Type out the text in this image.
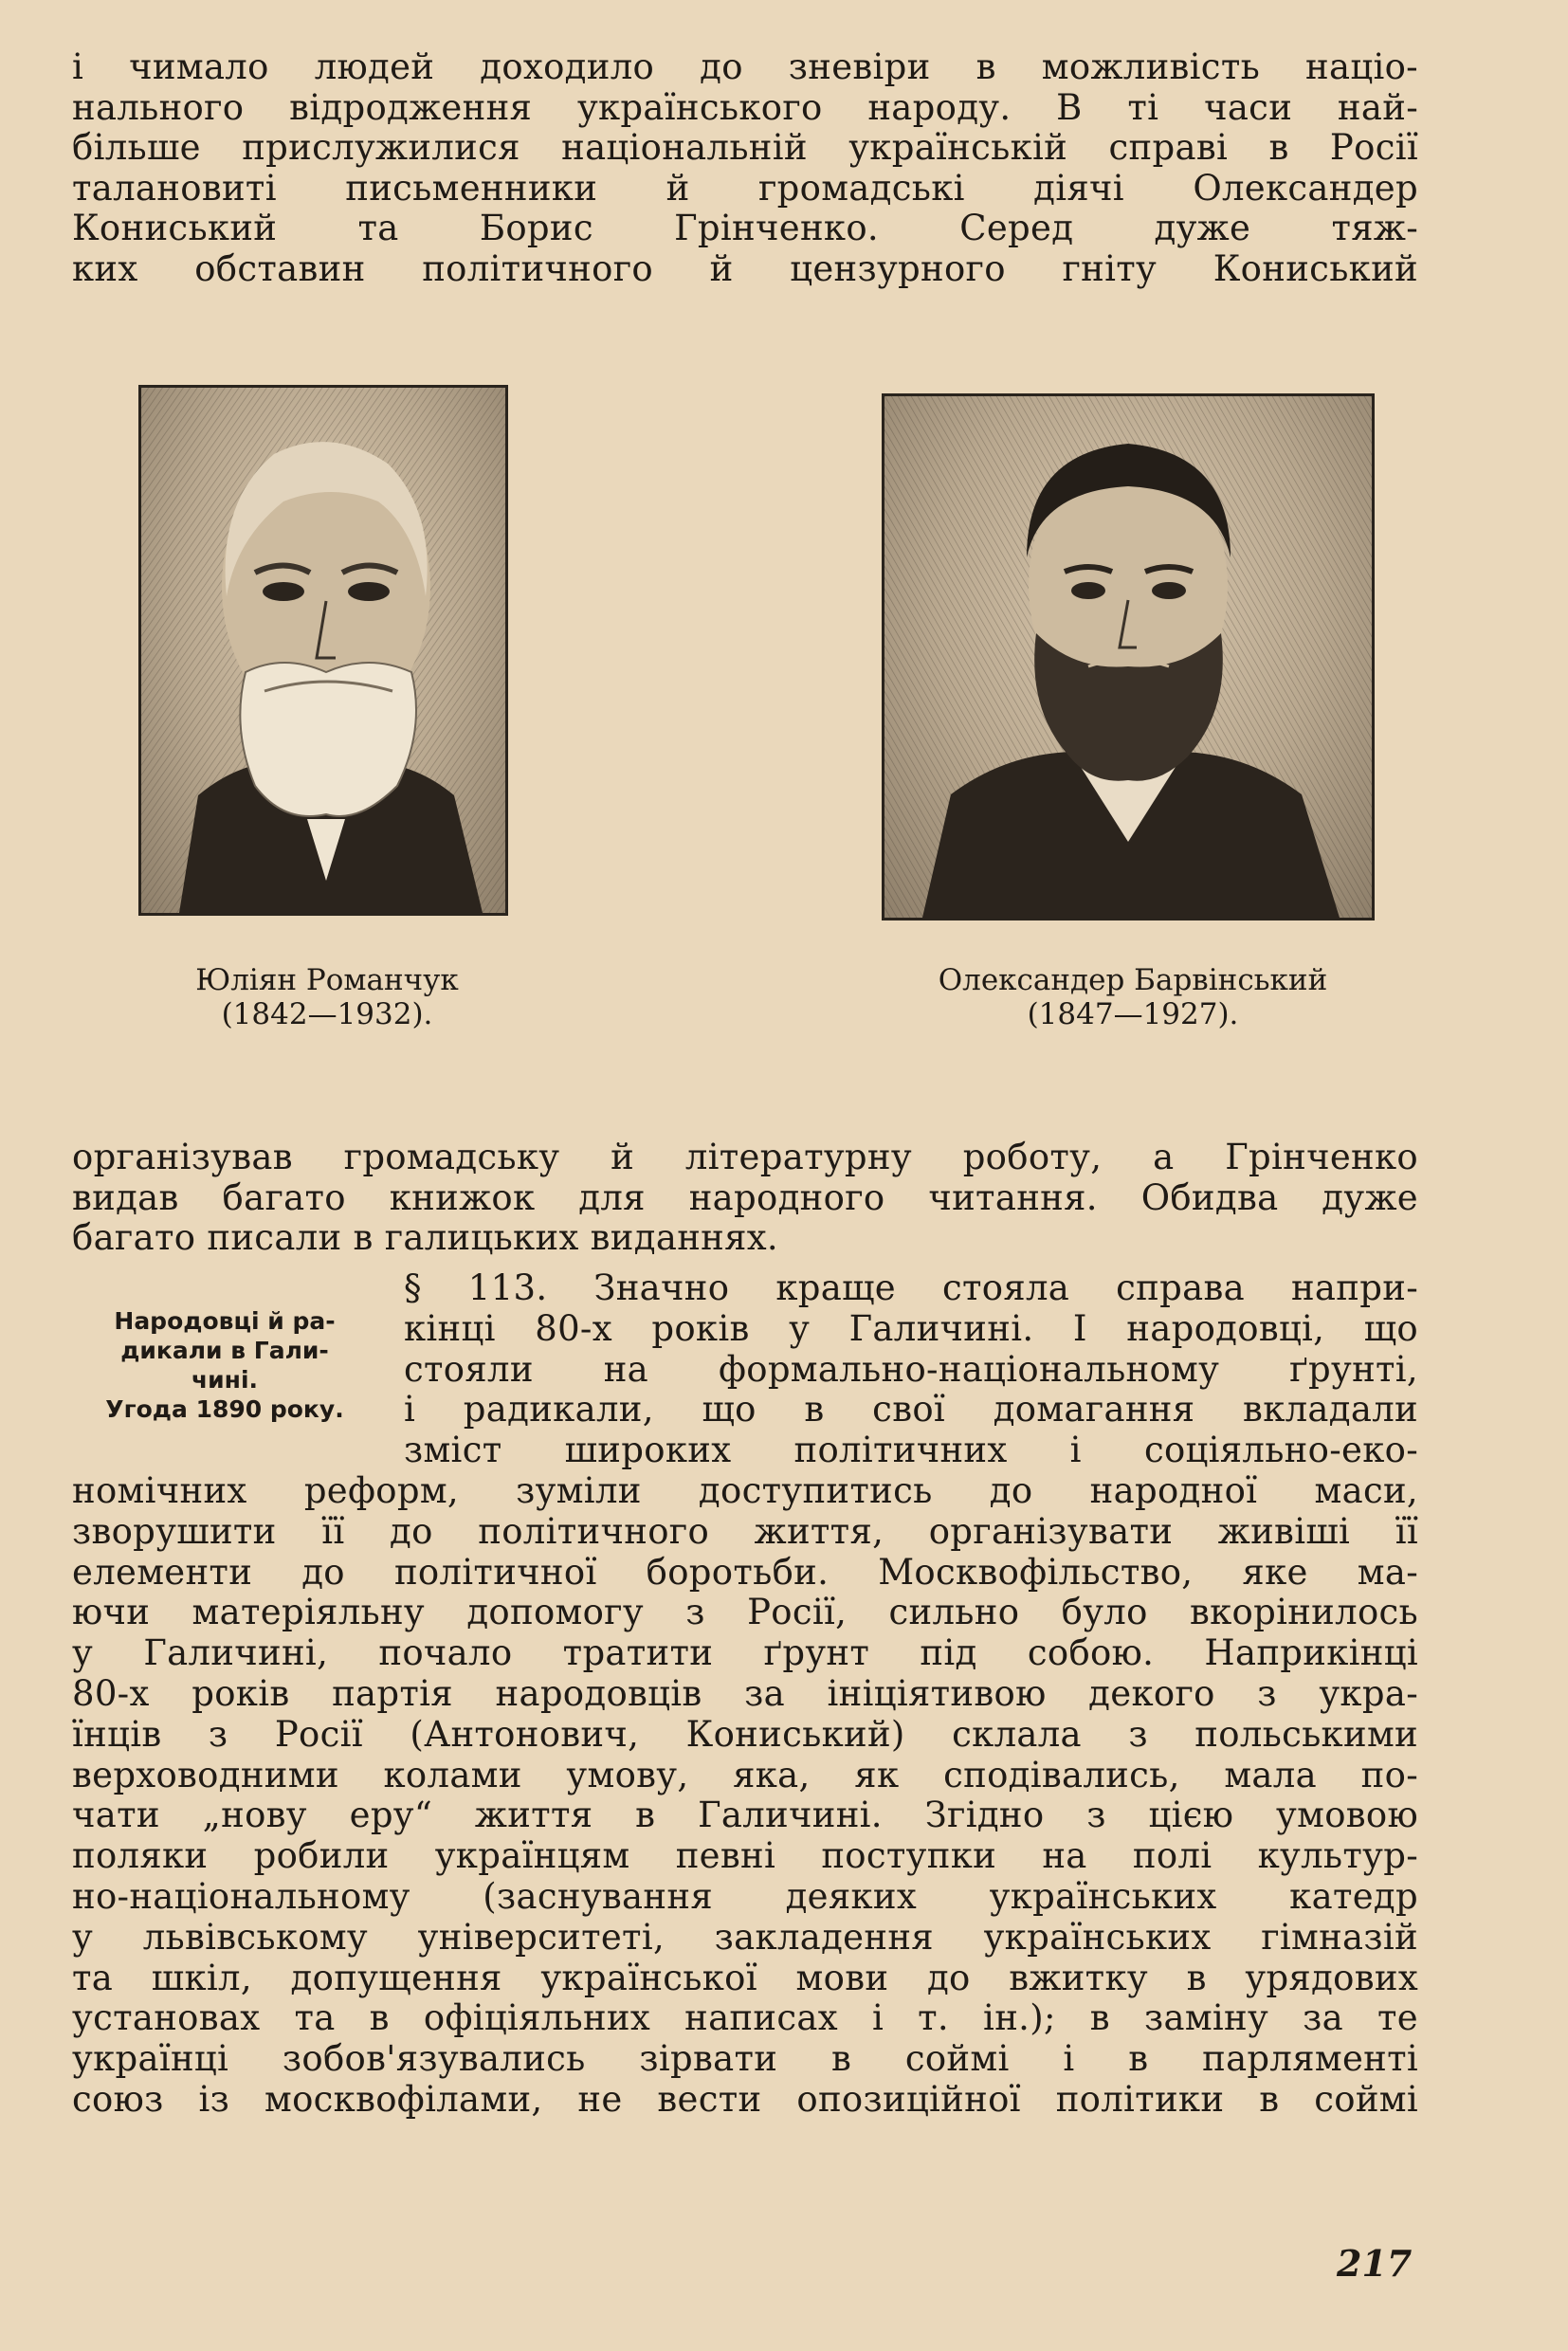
і чимало людей доходило до зневіри в можливість націо-
нального відродження українського народу. В ті часи най-
більше прислужилися національній українській справі в Росії
талановиті письменники й громадські діячі Олександер
Кониський та Борис Грінченко. Серед дуже тяж-
ких обставин політичного й цензурного гніту Кониський
Юліян Романчук
(1842—1932).
Олександер Барвінський
(1847—1927).
організував громадську й літературну роботу, а Грінченко
видав багато книжок для народного читання. Обидва дуже
багато писали в галицьких виданнях.
Народовці й ра-
дикали в Гали-
чині.
Угода 1890 року.
§ 113. Значно краще стояла справа напри-
кінці 80-х років у Галичині. І народовці, що
стояли на формально-національному ґрунті,
і радикали, що в свої домагання вкладали
зміст широких політичних і соціяльно-еко-
номічних реформ, зуміли доступитись до народної маси,
зворушити її до політичного життя, організувати живіші її
елементи до політичної боротьби. Москвофільство, яке ма-
ючи матеріяльну допомогу з Росії, сильно було вкорінилось
у Галичині, почало тратити ґрунт під собою. Наприкінці
80-х років партія народовців за ініціятивою декого з укра-
їнців з Росії (Антонович, Кониський) склала з польськими
верховодними колами умову, яка, як сподівались, мала по-
чати „нову еру“ життя в Галичині. Згідно з цією умовою
поляки робили українцям певні поступки на полі культур-
но-національному (заснування деяких українських катедр
у львівському університеті, закладення українських гімназій
та шкіл, допущення української мови до вжитку в урядових
установах та в офіціяльних написах і т. ін.); в заміну за те
українці зобов'язувались зірвати в соймі і в парляменті
союз із москвофілами, не вести опозиційної політики в соймі
217
